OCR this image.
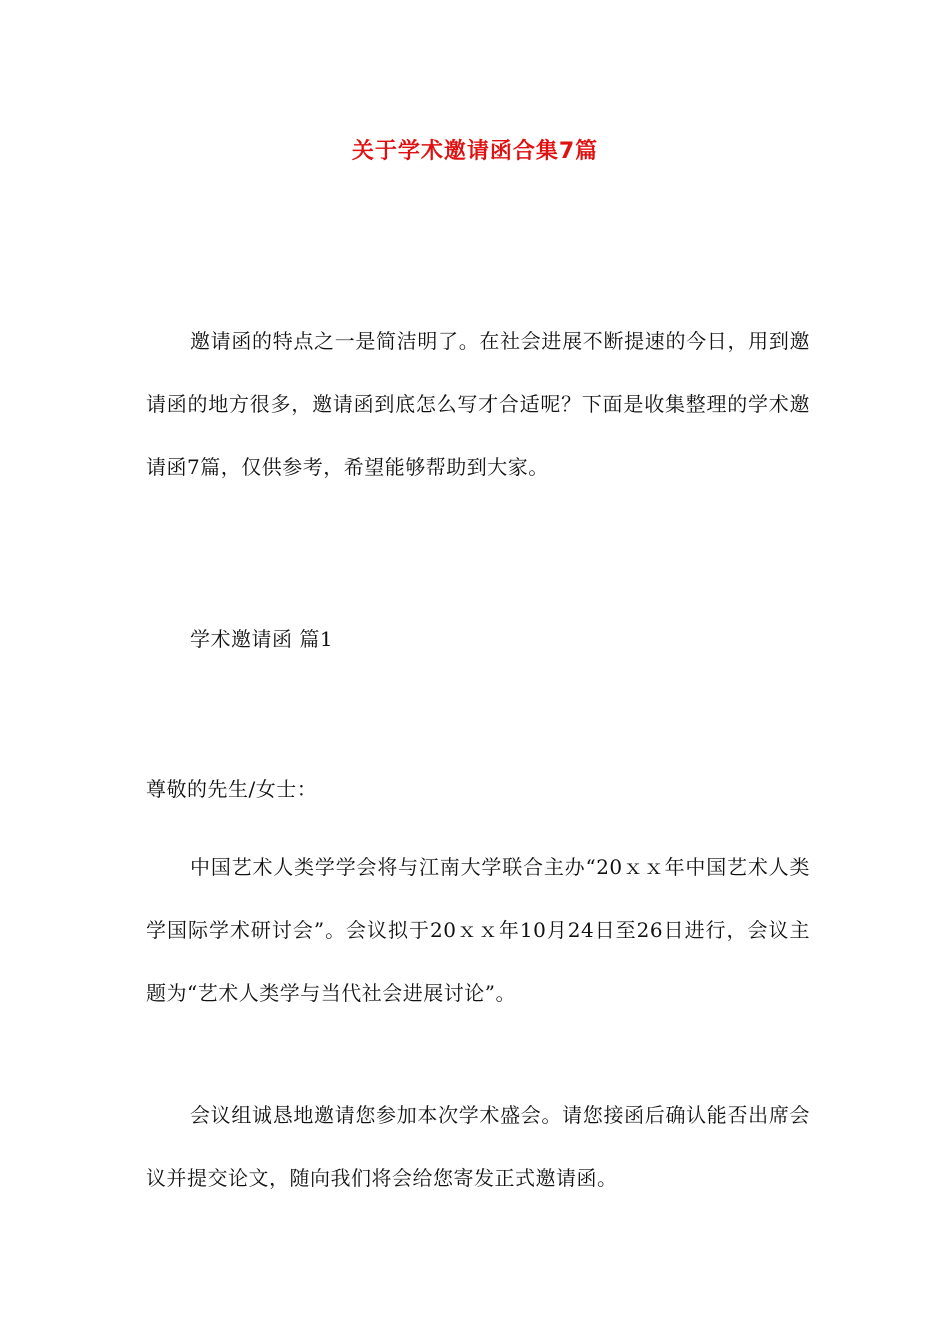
关于学术邀请函合集7篇

邀请函的特点之一是简洁明了。在社会进展不断提速的今日，用到邀请函的地方很多，邀请函到底怎么写才合适呢？下面是收集整理的学术邀请函7篇，仅供参考，希望能够帮助到大家。

学术邀请函 篇1

尊敬的先生/女士：

中国艺术人类学学会将与江南大学联合主办“20ｘｘ年中国艺术人类学国际学术研讨会”。会议拟于20ｘｘ年10月24日至26日进行，会议主题为“艺术人类学与当代社会进展讨论”。

会议组诚恳地邀请您参加本次学术盛会。请您接函后确认能否出席会议并提交论文，随向我们将会给您寄发正式邀请函。
